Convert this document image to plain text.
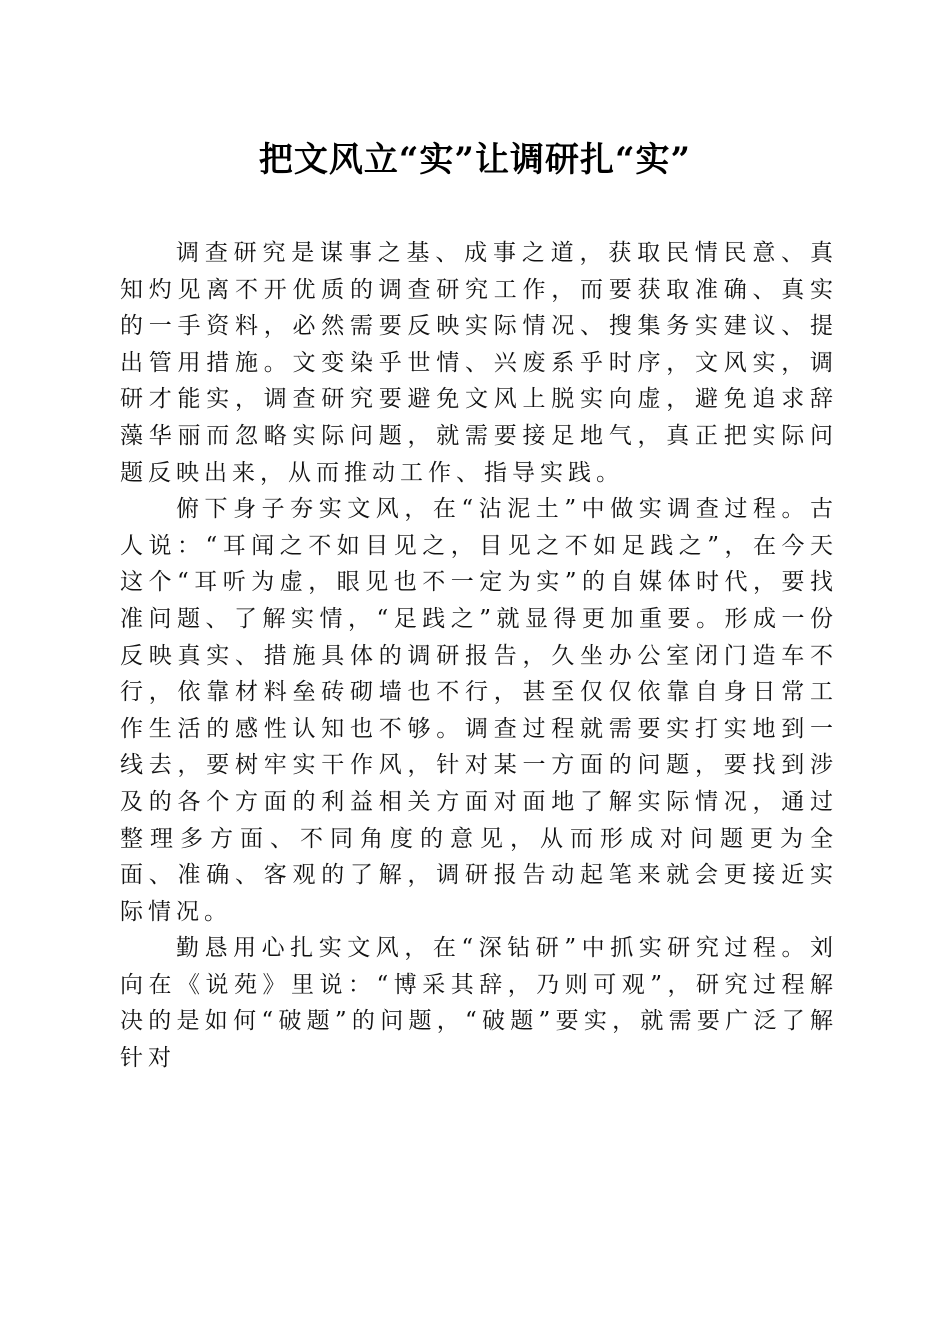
把文风立“实”让调研扎“实”

调查研究是谋事之基、成事之道，获取民情民意、真知灼见离不开优质的调查研究工作，而要获取准确、真实的一手资料，必然需要反映实际情况、搜集务实建议、提出管用措施。文变染乎世情、兴废系乎时序，文风实，调研才能实，调查研究要避免文风上脱实向虚，避免追求辞藻华丽而忽略实际问题，就需要接足地气，真正把实际问题反映出来，从而推动工作、指导实践。

俯下身子夯实文风，在“沾泥土”中做实调查过程。古人说：“耳闻之不如目见之，目见之不如足践之”，在今天这个“耳听为虚，眼见也不一定为实”的自媒体时代，要找准问题、了解实情，“足践之”就显得更加重要。形成一份反映真实、措施具体的调研报告，久坐办公室闭门造车不行，依靠材料垒砖砌墙也不行，甚至仅仅依靠自身日常工作生活的感性认知也不够。调查过程就需要实打实地到一线去，要树牢实干作风，针对某一方面的问题，要找到涉及的各个方面的利益相关方面对面地了解实际情况，通过整理多方面、不同角度的意见，从而形成对问题更为全面、准确、客观的了解，调研报告动起笔来就会更接近实际情况。

勤恳用心扎实文风，在“深钻研”中抓实研究过程。刘向在《说苑》里说：“博采其辞，乃则可观”，研究过程解决的是如何“破题”的问题，“破题”要实，就需要广泛了解针对
